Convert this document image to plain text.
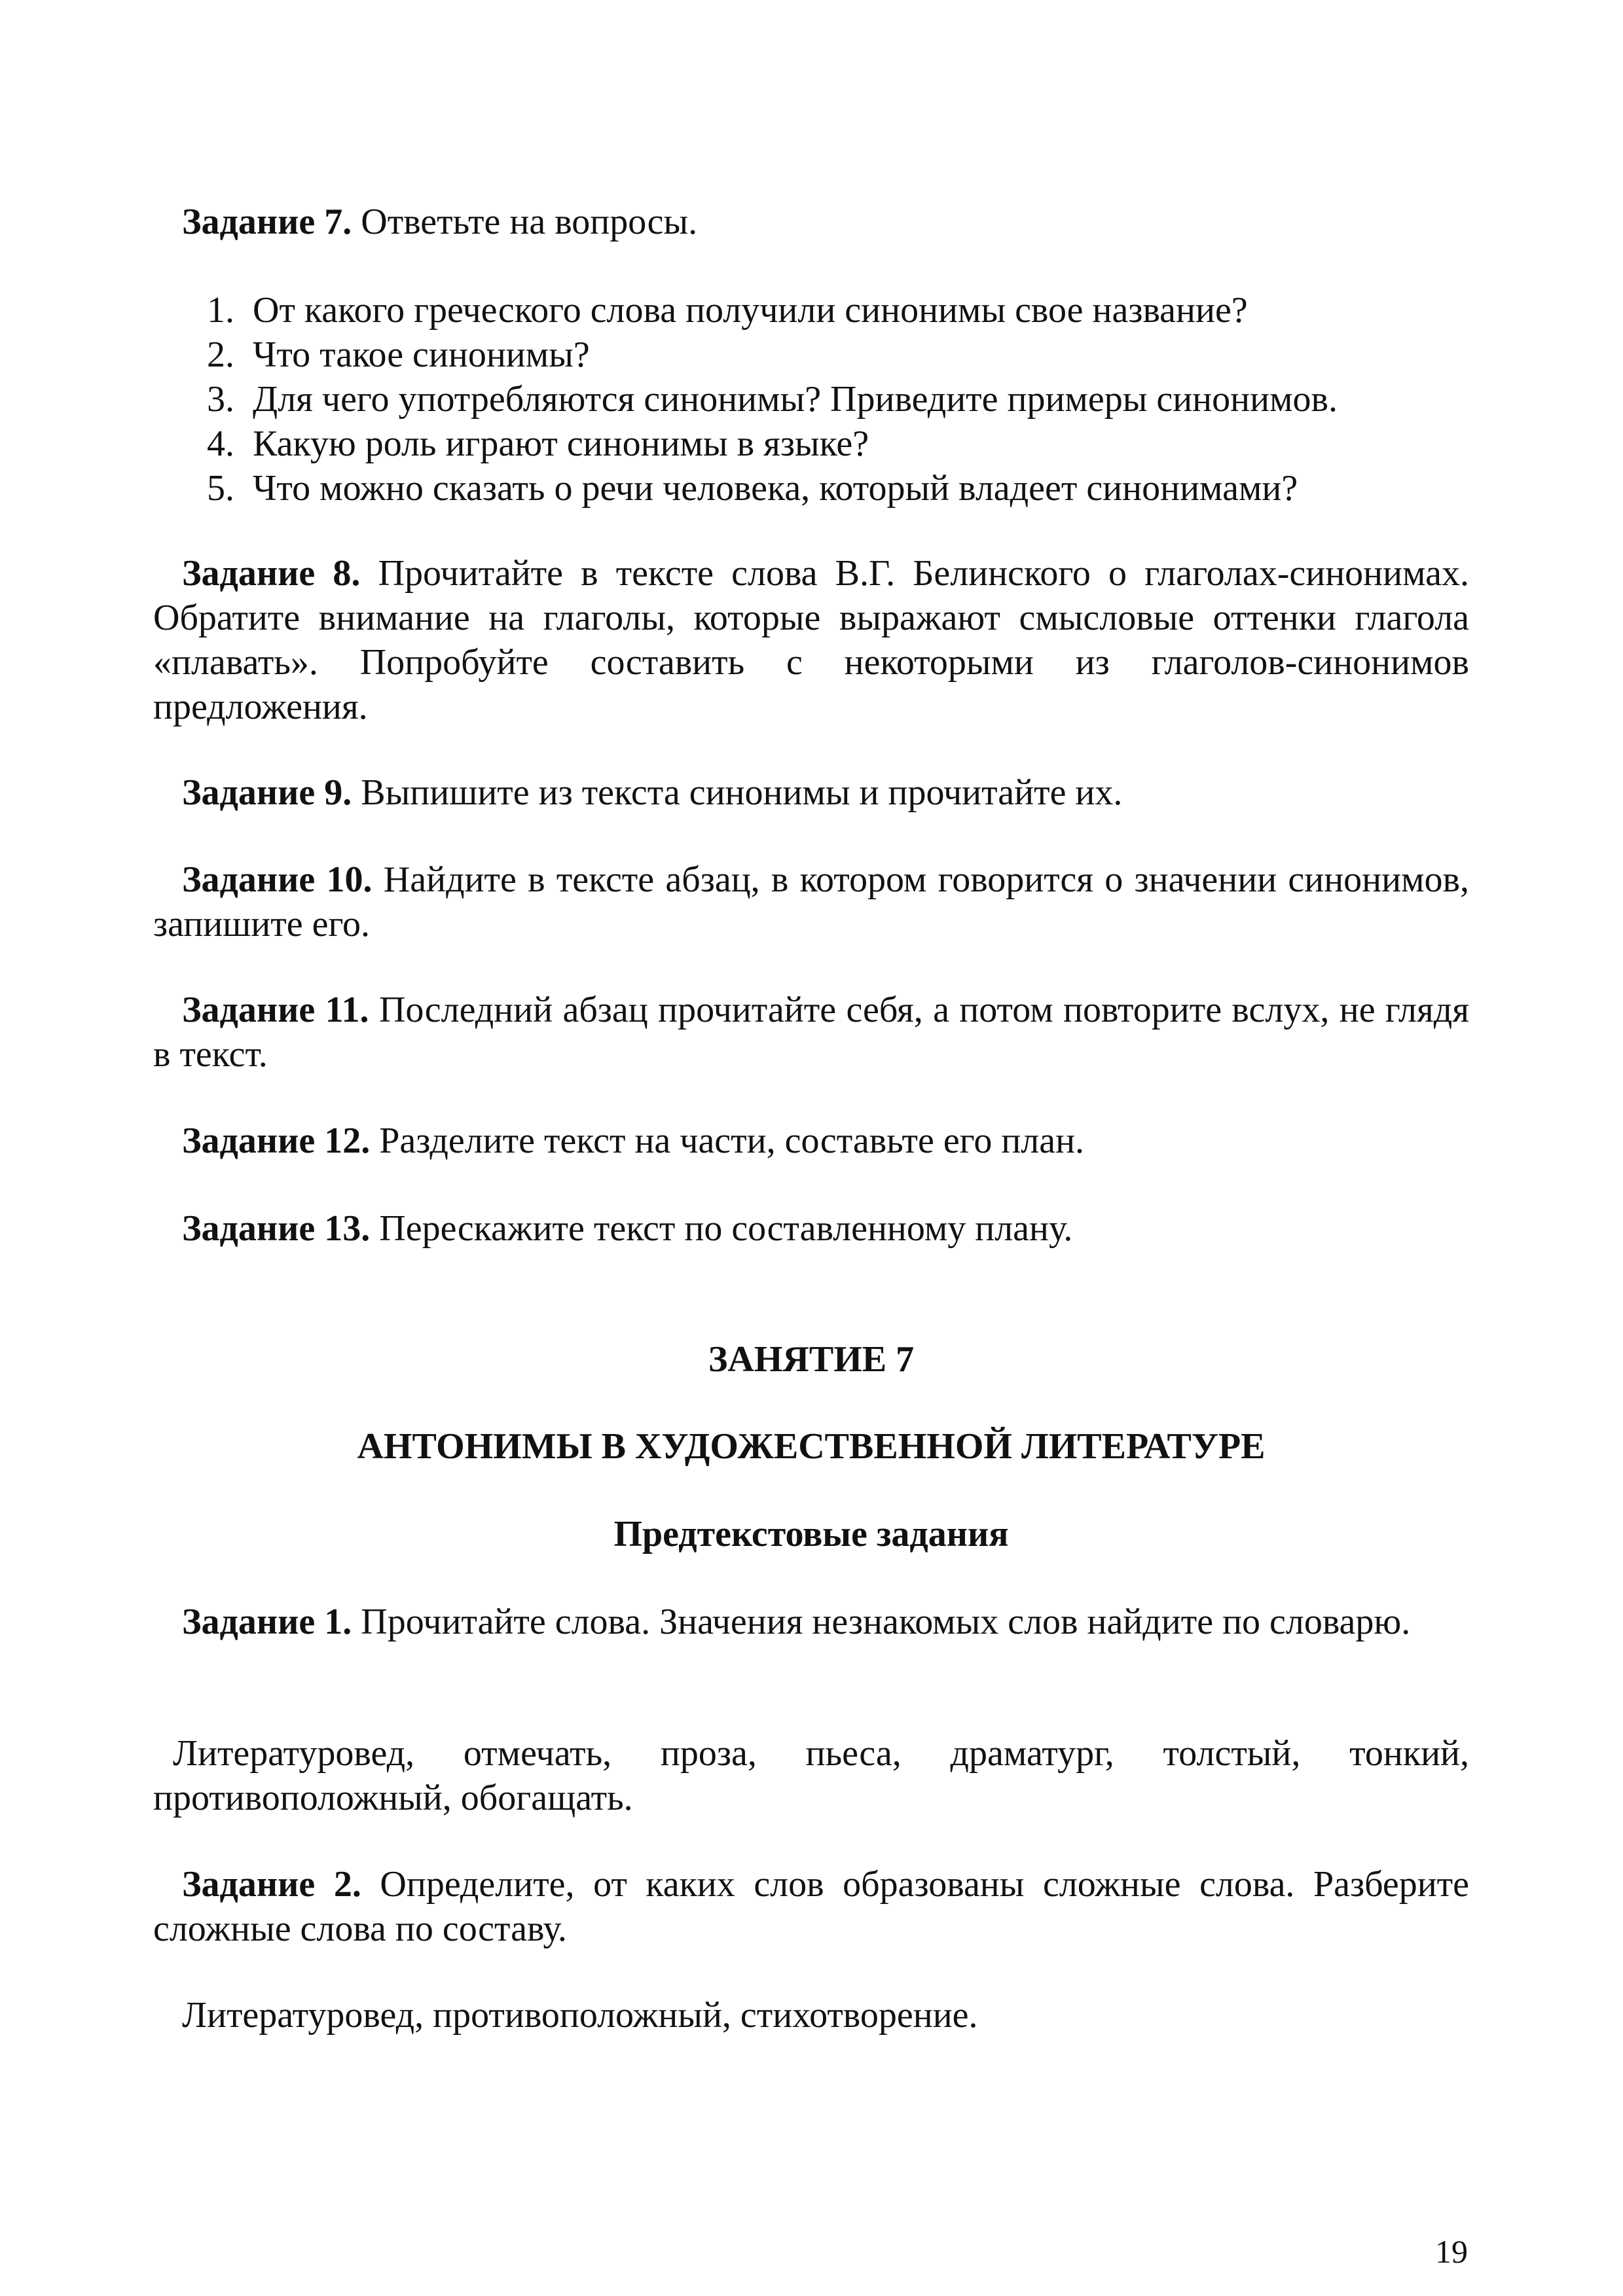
Задание 7. Ответьте на вопросы.

1. От какого греческого слова получили синонимы свое название?
2. Что такое синонимы?
3. Для чего употребляются синонимы? Приведите примеры синонимов.
4. Какую роль играют синонимы в языке?
5. Что можно сказать о речи человека, который владеет синонимами?

Задание 8. Прочитайте в тексте слова В.Г. Белинского о глаголах-синонимах. Обратите внимание на глаголы, которые выражают смысловые оттенки глагола «плавать». Попробуйте составить с некоторыми из глаголов-синонимов предложения.

Задание 9. Выпишите из текста синонимы и прочитайте их.

Задание 10. Найдите в тексте абзац, в котором говорится о значении синонимов, запишите его.

Задание 11. Последний абзац прочитайте себя, а потом повторите вслух, не глядя в текст.

Задание 12. Разделите текст на части, составьте его план.

Задание 13. Перескажите текст по составленному плану.

ЗАНЯТИЕ 7
АНТОНИМЫ В ХУДОЖЕСТВЕННОЙ ЛИТЕРАТУРЕ
Предтекстовые задания

Задание 1. Прочитайте слова. Значения незнакомых слов найдите по словарю.

Литературовед, отмечать, проза, пьеса, драматург, толстый, тонкий, противоположный, обогащать.

Задание 2. Определите, от каких слов образованы сложные слова. Разберите сложные слова по составу.

Литературовед, противоположный, стихотворение.

19
